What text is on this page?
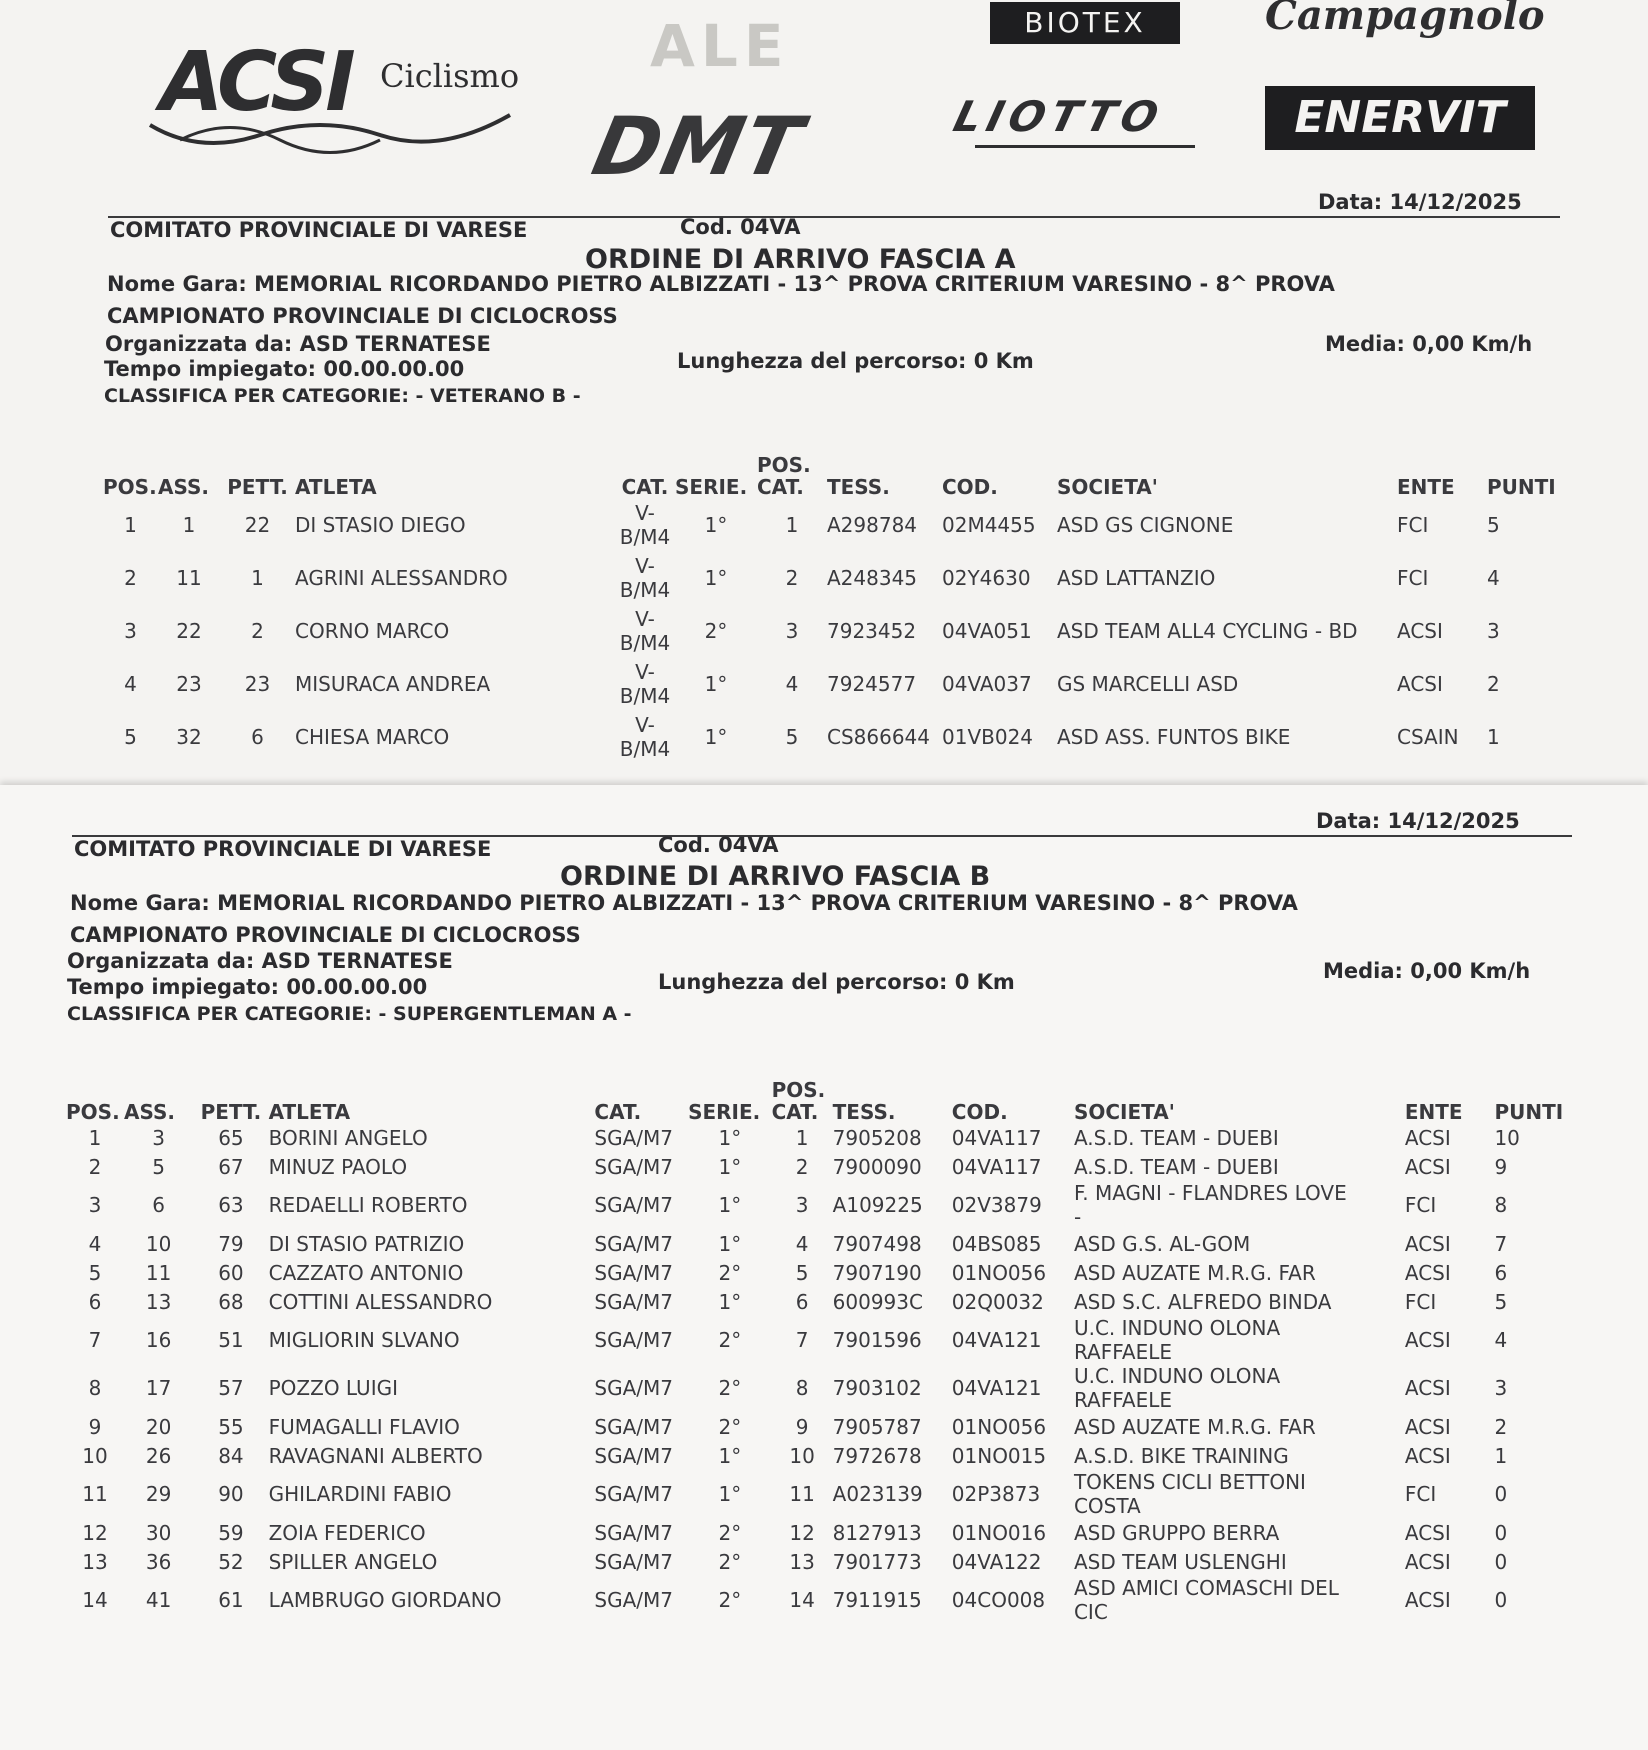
ACSI Ciclismo ALE	BIOTEX	Campagnolo
DMT	LIOTTO	ENERVIT
Data: 14/12/2025
COMITATO PROVINCIALE DI VARESE	Cod. 04VA
ORDINE DI ARRIVO FASCIA A
Nome Gara: MEMORIAL RICORDANDO PIETRO ALBIZZATI - 13^ PROVA CRITERIUM VARESINO - 8^ PROVA
CAMPIONATO PROVINCIALE DI CICLOCROSS
Organizzata da: ASD TERNATESE	Media: 0,00 Km/h
Tempo impiegato: 00.00.00.00	Lunghezza del percorso: 0 Km
CLASSIFICA PER CATEGORIE: - VETERANO B -
POS.	ASS.	PETT.	ATLETA	CAT.	SERIE.	POS.
CAT.	TESS.	COD.	SOCIETA'	ENTE	PUNTI
1	1	22	DI STASIO DIEGO	V-
B/M4	1°	1	A298784	02M4455	ASD GS CIGNONE	FCI	5
2	11	1	AGRINI ALESSANDRO	V-
B/M4	1°	2	A248345	02Y4630	ASD LATTANZIO	FCI	4
3	22	2	CORNO MARCO	V-
B/M4	2°	3	7923452	04VA051	ASD TEAM ALL4 CYCLING - BD	ACSI	3
4	23	23	MISURACA ANDREA	V-
B/M4	1°	4	7924577	04VA037	GS MARCELLI ASD	ACSI	2
5	32	6	CHIESA MARCO	V-
B/M4	1°	5	CS866644	01VB024	ASD ASS. FUNTOS BIKE	CSAIN	1
Data: 14/12/2025
COMITATO PROVINCIALE DI VARESE	Cod. 04VA
ORDINE DI ARRIVO FASCIA B
Nome Gara: MEMORIAL RICORDANDO PIETRO ALBIZZATI - 13^ PROVA CRITERIUM VARESINO - 8^ PROVA
CAMPIONATO PROVINCIALE DI CICLOCROSS
Organizzata da: ASD TERNATESE	Media: 0,00 Km/h
Tempo impiegato: 00.00.00.00	Lunghezza del percorso: 0 Km
CLASSIFICA PER CATEGORIE: - SUPERGENTLEMAN A -
POS.	ASS.	PETT.	ATLETA	CAT.	SERIE.	POS.
CAT.	TESS.	COD.	SOCIETA'	ENTE	PUNTI
1	3	65	BORINI ANGELO	SGA/M7	1°	1	7905208	04VA117	A.S.D. TEAM - DUEBI	ACSI	10
2	5	67	MINUZ PAOLO	SGA/M7	1°	2	7900090	04VA117	A.S.D. TEAM - DUEBI	ACSI	9
3	6	63	REDAELLI ROBERTO	SGA/M7	1°	3	A109225	02V3879	F. MAGNI - FLANDRES LOVE
-	FCI	8
4	10	79	DI STASIO PATRIZIO	SGA/M7	1°	4	7907498	04BS085	ASD G.S. AL-GOM	ACSI	7
5	11	60	CAZZATO ANTONIO	SGA/M7	2°	5	7907190	01NO056	ASD AUZATE M.R.G. FAR	ACSI	6
6	13	68	COTTINI ALESSANDRO	SGA/M7	1°	6	600993C	02Q0032	ASD S.C. ALFREDO BINDA	FCI	5
7	16	51	MIGLIORIN SLVANO	SGA/M7	2°	7	7901596	04VA121	U.C. INDUNO OLONA
RAFFAELE	ACSI	4
8	17	57	POZZO LUIGI	SGA/M7	2°	8	7903102	04VA121	U.C. INDUNO OLONA
RAFFAELE	ACSI	3
9	20	55	FUMAGALLI FLAVIO	SGA/M7	2°	9	7905787	01NO056	ASD AUZATE M.R.G. FAR	ACSI	2
10	26	84	RAVAGNANI ALBERTO	SGA/M7	1°	10	7972678	01NO015	A.S.D. BIKE TRAINING	ACSI	1
11	29	90	GHILARDINI FABIO	SGA/M7	1°	11	A023139	02P3873	TOKENS CICLI BETTONI
COSTA	FCI	0
12	30	59	ZOIA FEDERICO	SGA/M7	2°	12	8127913	01NO016	ASD GRUPPO BERRA	ACSI	0
13	36	52	SPILLER ANGELO	SGA/M7	2°	13	7901773	04VA122	ASD TEAM USLENGHI	ACSI	0
14	41	61	LAMBRUGO GIORDANO	SGA/M7	2°	14	7911915	04CO008	ASD AMICI COMASCHI DEL
CIC	ACSI	0
